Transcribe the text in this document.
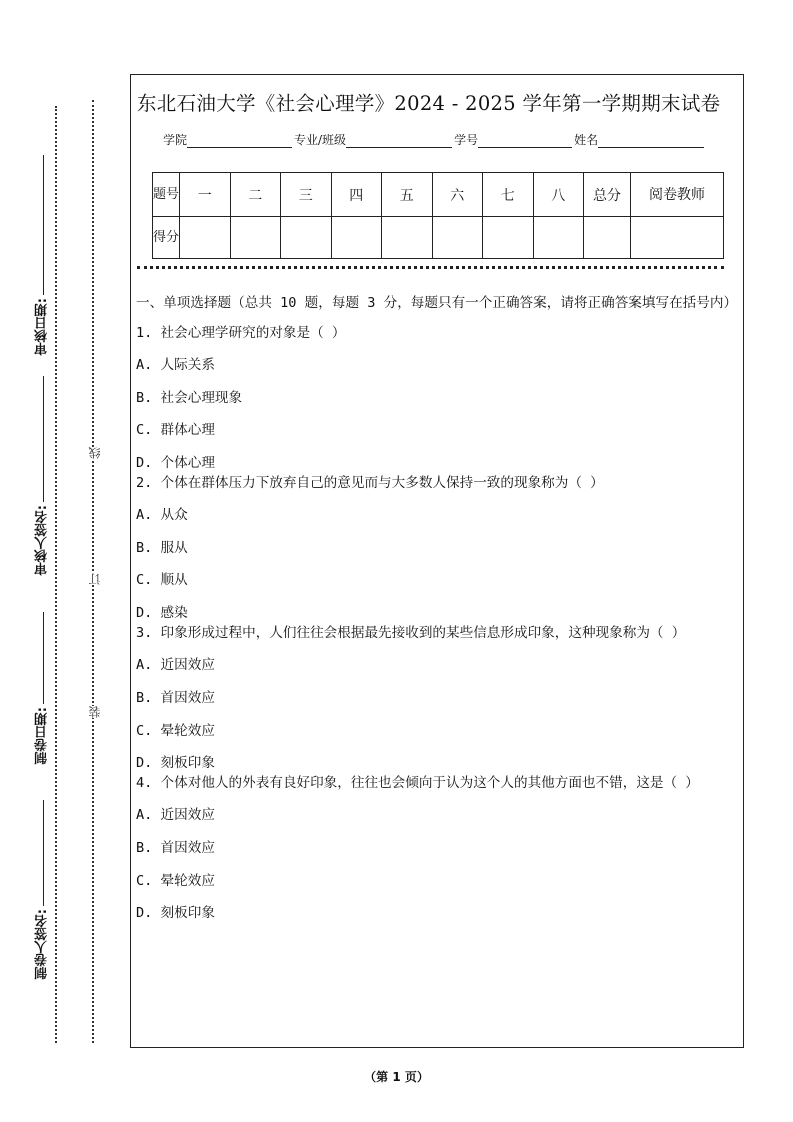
审核日期:
审核人签名:
制卷日期:
制卷人签名:
线
订
装
东北石油大学《社会心理学》2024 - 2025 学年第一学期期末试卷
学院	专业/班级	学号	姓名
题号	一	二	三	四	五	六	七	八	总分	阅卷教师
得分										
一、单项选择题（总共 10 题，每题 3 分，每题只有一个正确答案，请将正确答案填写在括号内）
1. 社会心理学研究的对象是（ ）
A. 人际关系
B. 社会心理现象
C. 群体心理
D. 个体心理
2. 个体在群体压力下放弃自己的意见而与大多数人保持一致的现象称为（ ）
A. 从众
B. 服从
C. 顺从
D. 感染
3. 印象形成过程中，人们往往会根据最先接收到的某些信息形成印象，这种现象称为（ ）
A. 近因效应
B. 首因效应
C. 晕轮效应
D. 刻板印象
4. 个体对他人的外表有良好印象，往往也会倾向于认为这个人的其他方面也不错，这是（ ）
A. 近因效应
B. 首因效应
C. 晕轮效应
D. 刻板印象
（第 1 页）
